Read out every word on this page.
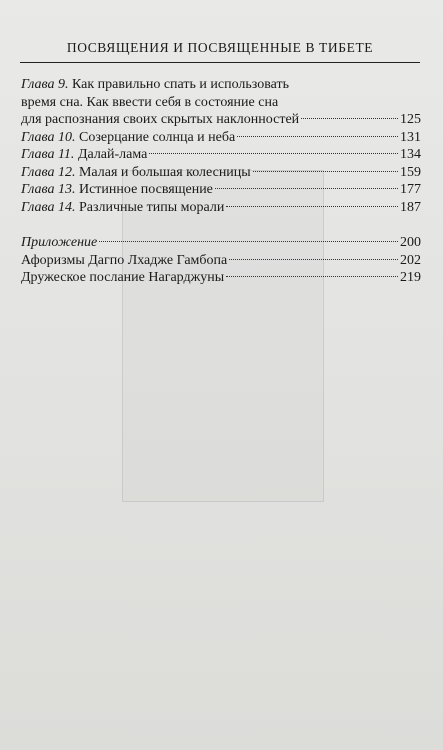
ПОСВЯЩЕНИЯ И ПОСВЯЩЕННЫЕ В ТИБЕТЕ
Глава 9. Как правильно спать и использовать
время сна. Как ввести себя в состояние сна
для распознания своих скрытых наклонностей	125
Глава 10. Созерцание солнца и неба	131
Глава 11. Далай-лама	134
Глава 12. Малая и большая колесницы	159
Глава 13. Истинное посвящение	177
Глава 14. Различные типы морали	187
Приложение	200
Афоризмы Дагпо Лхадже Гамбопа	202
Дружеское послание Нагарджуны	219
